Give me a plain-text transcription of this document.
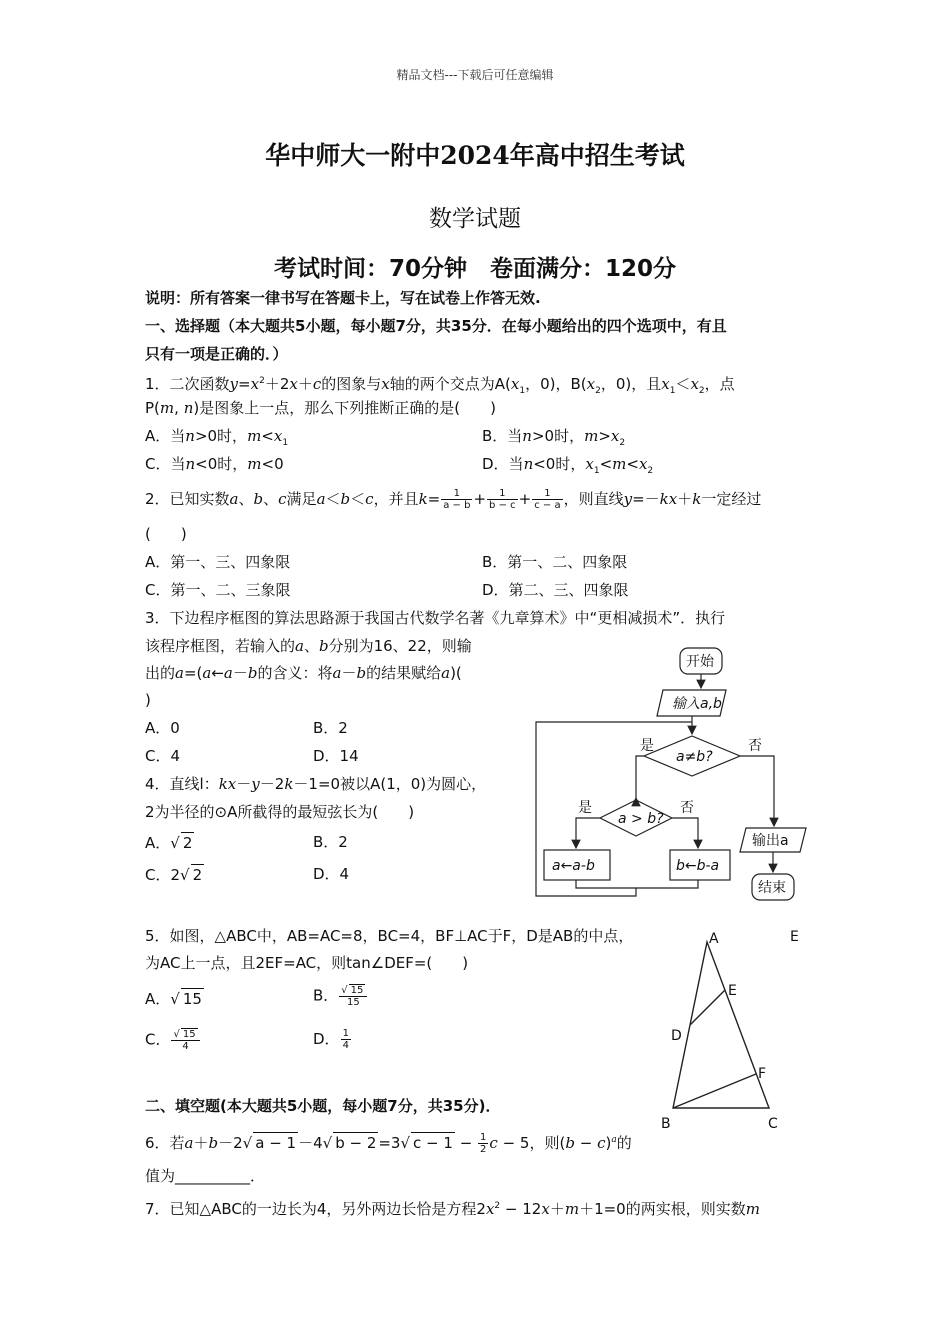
精品文档---下载后可任意编辑
华中师大一附中2024年高中招生考试
数学试题
考试时间：70分钟　卷面满分：120分
说明：所有答案一律书写在答题卡上，写在试卷上作答无效.
一、选择题（本大题共5小题，每小题7分，共35分．在每小题给出的四个选项中，有且
只有一项是正确的．）
1．二次函数$y=x^2+2x+c$的图象与x轴的两个交点为$A(x_1$，0)，$B(x_2$，0)，且$x_1<x_2$，点
P(m, n)是图象上一点，那么下列推断正确的是(　　)
A．当n>0时，$m<x_1$	B．当n>0时，$m>x_2$
C．当n<0时，m<0	D．当n<0时，$x_1<m<x_2$
2．已知实数a、b、c满足a＜b＜c，并且$k= \frac{1}{a - b} + \frac{1}{b - c} + \frac{1}{c - a}$ ，则直线y=－kx＋k一定经过
(　　)
A．第一、三、四象限	B．第一、二、四象限
C．第一、二、三象限	D．第二、三、四象限
3．下边程序框图的算法思路源于我国古代数学名著《九章算术》中“更相减损术”．执行
该程序框图，若输入的a、b分别为16、22，则输
出的a=(a←a－b的含义：将a－b的结果赋给a)(
)
A．0	B．2
C．4	D．14
4．直线l：kx－y－2k－1=0被以A(1，0)为圆心，
2为半径的⊙A所截得的最短弦长为(　　)
A．√ 2	B．2
C．2√ 2	D．4
开始
输入a,b
a≠b?
是	否
a > b?
是	否
a←a-b	b←b-a
输出a
结束
5．如图，△ABC中，AB=AC=8，BC=4，BF⊥AC于F，D是AB的中点，
为AC上一点，且2EF=AC，则tan∠DEF=(　　)
A．√ 15	B． $\frac{√ 15}{15}$
C． $\frac{√ 15}{4}$	D． $\frac{1}{4}$
A
B	C
D
E
F
E
二、填空题(本大题共5小题，每小题7分，共35分)．
6．若a＋b－2√ a − 1 －4√ b − 2 =3√ $c - 1 - \frac{1}{2}$ c − 5，则$(b - c)^a$的
值为__________．
7．已知△ABC的一边长为4，另外两边长恰是方程$2x^2 - 12x+m+1=0$的两实根，则实数m
